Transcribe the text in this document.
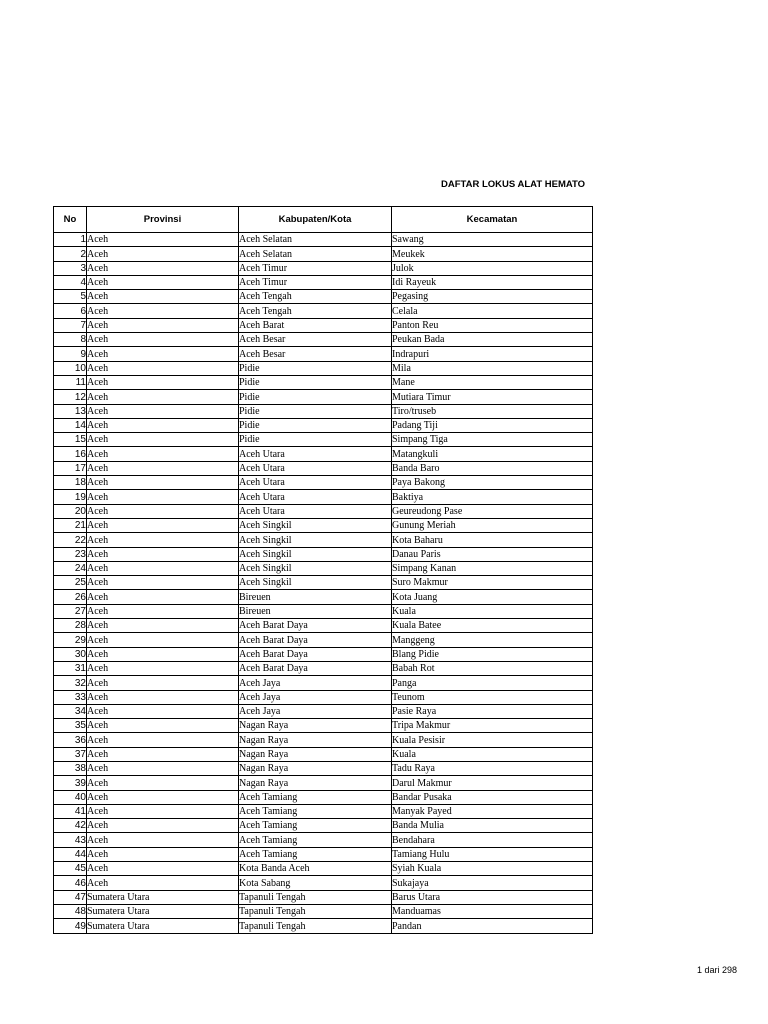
DAFTAR LOKUS ALAT HEMATO
No	Provinsi	Kabupaten/Kota	Kecamatan
1	Aceh	Aceh Selatan	Sawang
2	Aceh	Aceh Selatan	Meukek
3	Aceh	Aceh Timur	Julok
4	Aceh	Aceh Timur	Idi Rayeuk
5	Aceh	Aceh Tengah	Pegasing
6	Aceh	Aceh Tengah	Celala
7	Aceh	Aceh Barat	Panton Reu
8	Aceh	Aceh Besar	Peukan Bada
9	Aceh	Aceh Besar	Indrapuri
10	Aceh	Pidie	Mila
11	Aceh	Pidie	Mane
12	Aceh	Pidie	Mutiara Timur
13	Aceh	Pidie	Tiro/truseb
14	Aceh	Pidie	Padang Tiji
15	Aceh	Pidie	Simpang Tiga
16	Aceh	Aceh Utara	Matangkuli
17	Aceh	Aceh Utara	Banda Baro
18	Aceh	Aceh Utara	Paya Bakong
19	Aceh	Aceh Utara	Baktiya
20	Aceh	Aceh Utara	Geureudong Pase
21	Aceh	Aceh Singkil	Gunung Meriah
22	Aceh	Aceh Singkil	Kota Baharu
23	Aceh	Aceh Singkil	Danau Paris
24	Aceh	Aceh Singkil	Simpang Kanan
25	Aceh	Aceh Singkil	Suro Makmur
26	Aceh	Bireuen	Kota Juang
27	Aceh	Bireuen	Kuala
28	Aceh	Aceh Barat Daya	Kuala Batee
29	Aceh	Aceh Barat Daya	Manggeng
30	Aceh	Aceh Barat Daya	Blang Pidie
31	Aceh	Aceh Barat Daya	Babah Rot
32	Aceh	Aceh Jaya	Panga
33	Aceh	Aceh Jaya	Teunom
34	Aceh	Aceh Jaya	Pasie Raya
35	Aceh	Nagan Raya	Tripa Makmur
36	Aceh	Nagan Raya	Kuala Pesisir
37	Aceh	Nagan Raya	Kuala
38	Aceh	Nagan Raya	Tadu Raya
39	Aceh	Nagan Raya	Darul Makmur
40	Aceh	Aceh Tamiang	Bandar Pusaka
41	Aceh	Aceh Tamiang	Manyak Payed
42	Aceh	Aceh Tamiang	Banda Mulia
43	Aceh	Aceh Tamiang	Bendahara
44	Aceh	Aceh Tamiang	Tamiang Hulu
45	Aceh	Kota Banda Aceh	Syiah Kuala
46	Aceh	Kota Sabang	Sukajaya
47	Sumatera Utara	Tapanuli Tengah	Barus Utara
48	Sumatera Utara	Tapanuli Tengah	Manduamas
49	Sumatera Utara	Tapanuli Tengah	Pandan
1 dari 298
